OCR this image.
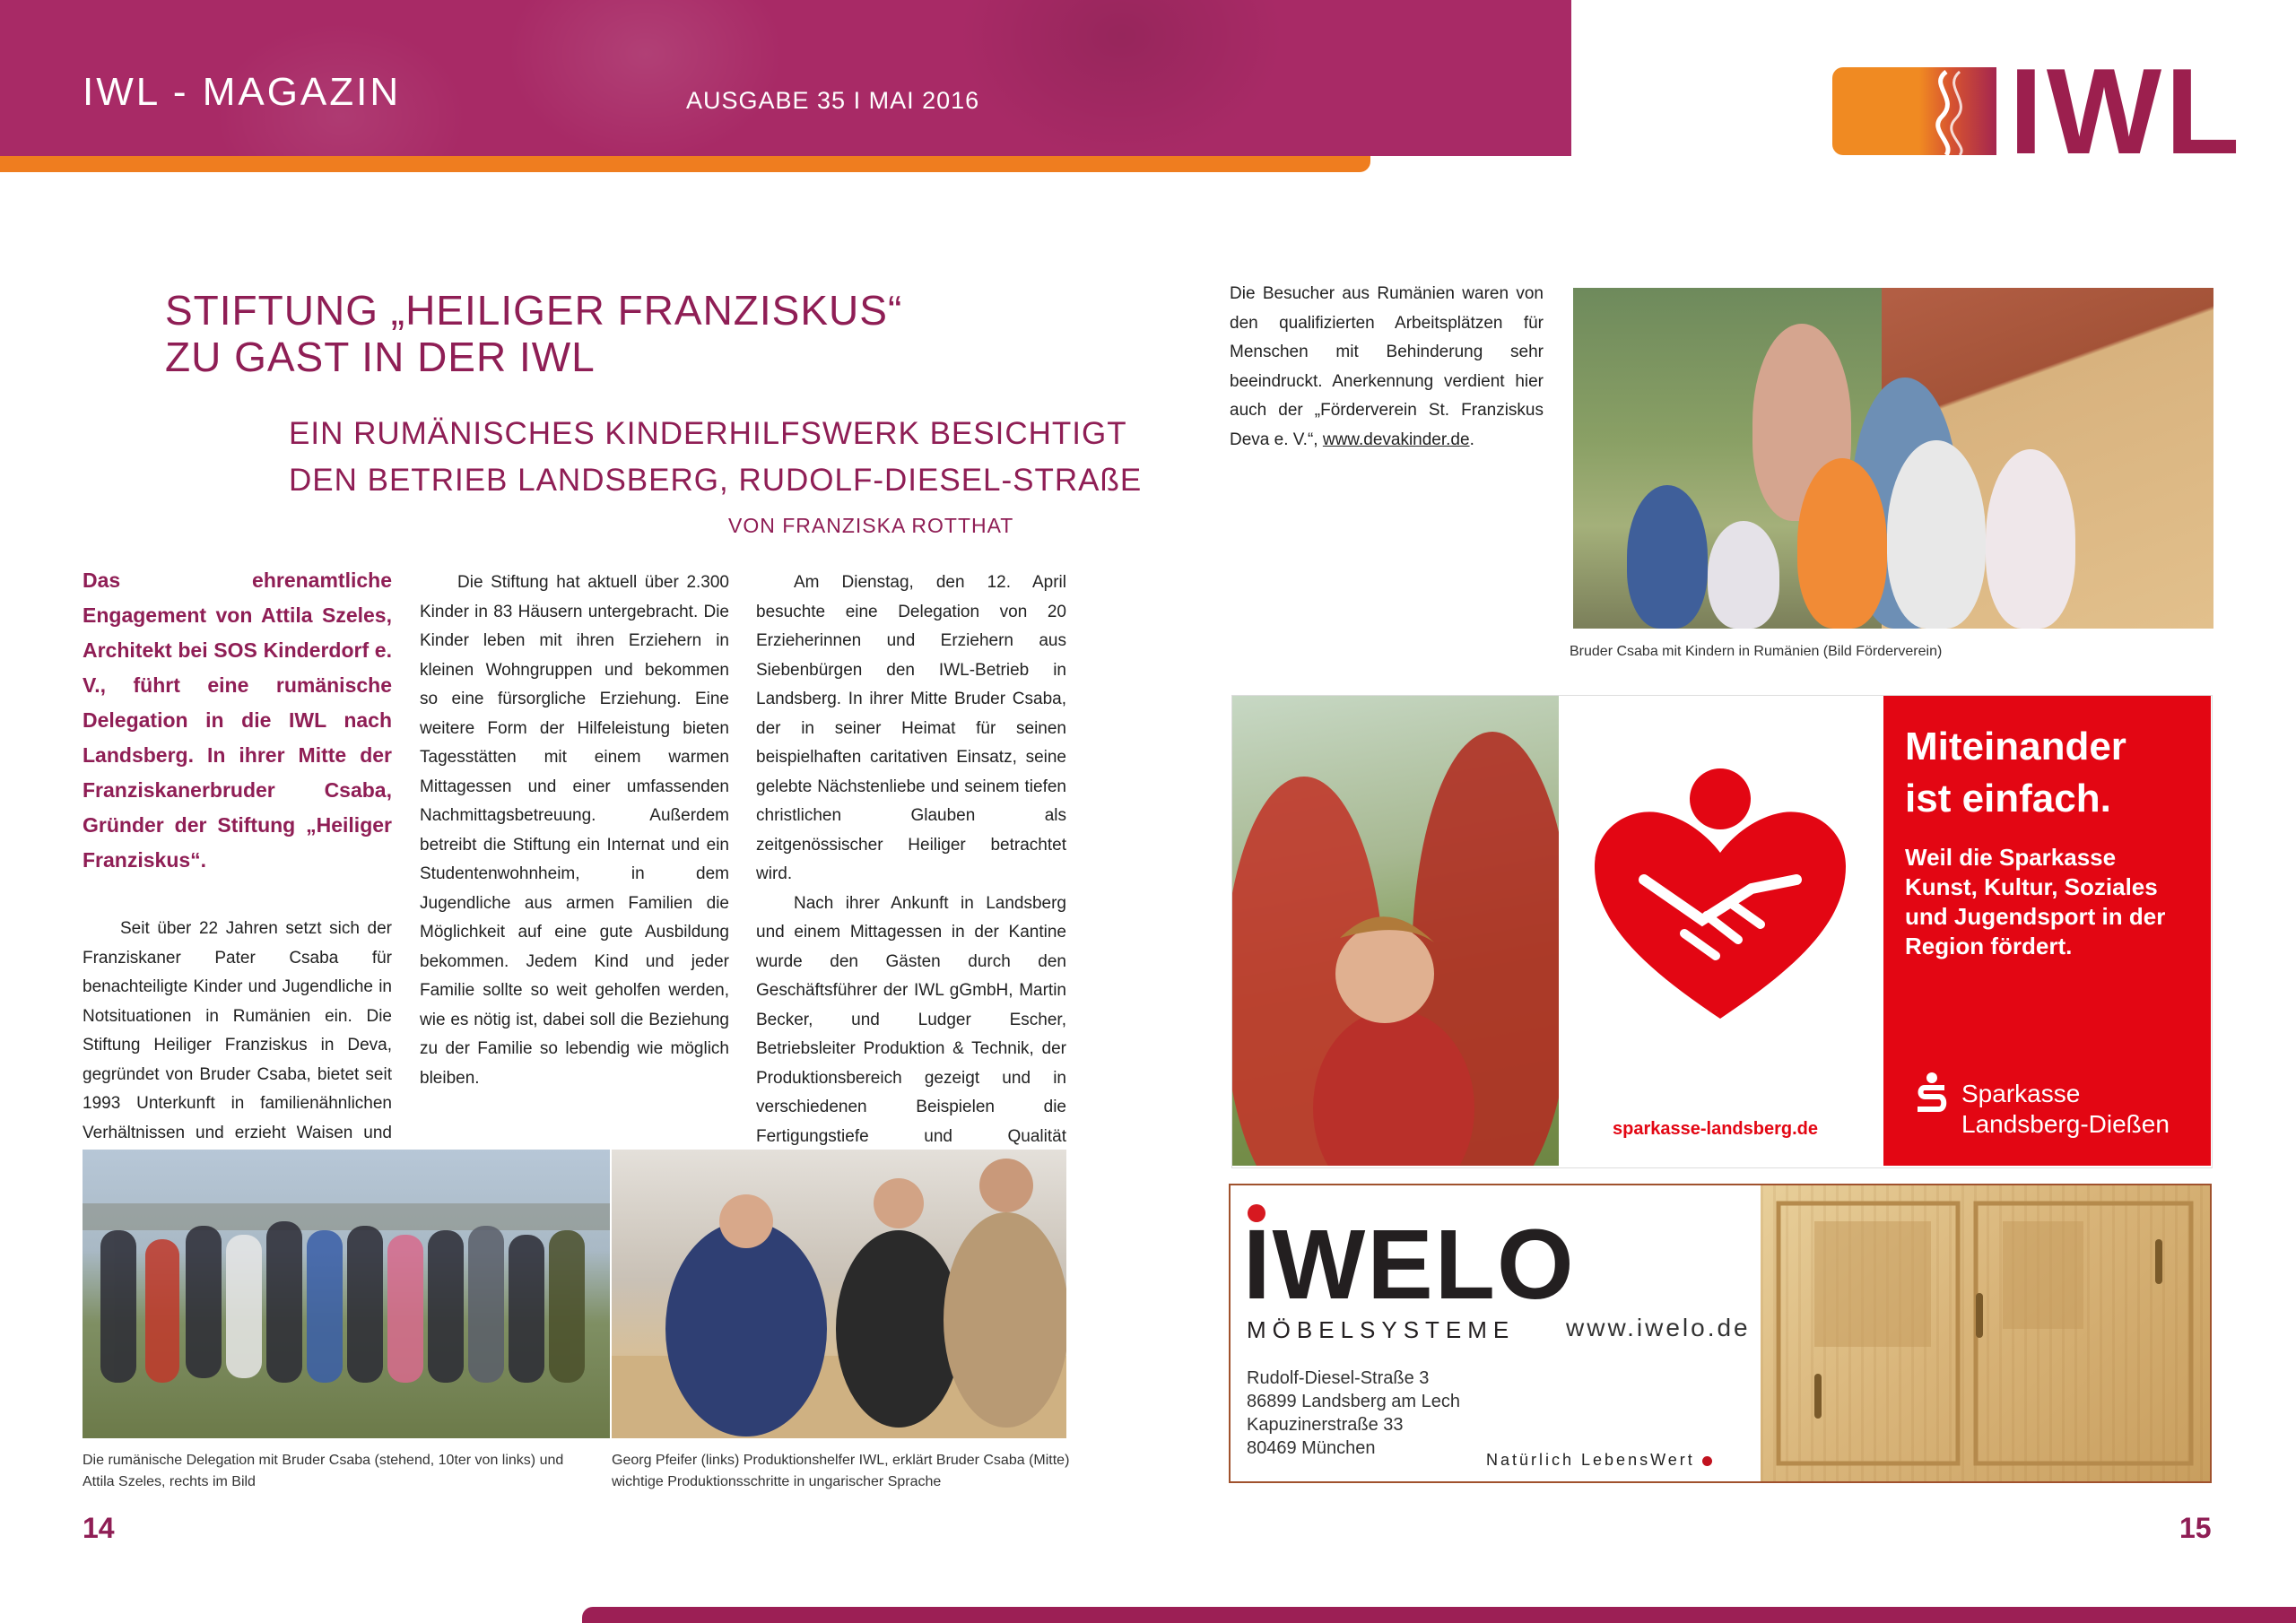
IWL - MAGAZIN	AUSGABE 35 I MAI 2016	IWL
STIFTUNG „HEILIGER FRANZISKUS“
ZU GAST IN DER IWL
EIN RUMÄNISCHES KINDERHILFSWERK BESICHTIGT
DEN BETRIEB LANDSBERG, RUDOLF-DIESEL-STRAßE
VON FRANZISKA ROTTHAT
Das ehrenamtliche Engagement von Attila Szeles, Architekt bei SOS Kinderdorf e. V., führt eine rumänische Delegation in die IWL nach Landsberg. In ihrer Mitte der Franziskanerbruder Csaba, Gründer der Stiftung „Heiliger Franziskus“.

Seit über 22 Jahren setzt sich der Franziskaner Pater Csaba für benachteiligte Kinder und Jugendliche in Notsituationen in Rumänien ein. Die Stiftung Heiliger Franziskus in Deva, gegründet von Bruder Csaba, bietet seit 1993 Unterkunft in familienähnlichen Verhältnissen und erzieht Waisen und

Die Stiftung hat aktuell über 2.300 Kinder in 83 Häusern untergebracht. Die Kinder leben mit ihren Erziehern in kleinen Wohngruppen und bekommen so eine fürsorgliche Erziehung. Eine weitere Form der Hilfeleistung bieten Tagesstätten mit einem warmen Mittagessen und einer umfassenden Nachmittagsbetreuung. Außerdem betreibt die Stiftung ein Internat und ein Studentenwohnheim, in dem Jugendliche aus armen Familien die Möglichkeit auf eine gute Ausbildung bekommen. Jedem Kind und jeder Familie sollte so weit geholfen werden, wie es nötig ist, dabei soll die Beziehung zu der Familie so lebendig wie möglich bleiben.

Am Dienstag, den 12. April besuchte eine Delegation von 20 Erzieherinnen und Erziehern aus Siebenbürgen den IWL-Betrieb in Landsberg. In ihrer Mitte Bruder Csaba, der in seiner Heimat für seinen beispielhaften caritativen Einsatz, seine gelebte Nächstenliebe und seinem tiefen christlichen Glauben als zeitgenössischer Heiliger betrachtet wird.

Nach ihrer Ankunft in Landsberg und einem Mittagessen in der Kantine wurde den Gästen durch den Geschäftsführer der IWL gGmbH, Martin Becker, und Ludger Escher, Betriebsleiter Produktion & Technik, der Produktionsbereich gezeigt und in verschiedenen Beispielen die Fertigungstiefe und Qualität

Die Besucher aus Rumänien waren von den qualifizierten Arbeitsplätzen für Menschen mit Behinderung sehr beeindruckt. Anerkennung verdient hier auch der „Förderverein St. Franziskus Deva e. V.“, www.devakinder.de.

Bruder Csaba mit Kindern in Rumänien (Bild Förderverein)
Die rumänische Delegation mit Bruder Csaba (stehend, 10ter von links) und Attila Szeles, rechts im Bild
Georg Pfeifer (links) Produktionshelfer IWL, erklärt Bruder Csaba (Mitte) wichtige Produktionsschritte in ungarischer Sprache
Miteinander
ist einfach.
Weil die Sparkasse
Kunst, Kultur, Soziales
und Jugendsport in der
Region fördert.
Sparkasse
Landsberg-Dießen
sparkasse-landsberg.de
IWELO
MÖBELSYSTEME www.iwelo.de
Rudolf-Diesel-Straße 3
86899 Landsberg am Lech
Kapuzinerstraße 33
80469 München
Natürlich LebensWert
14	15
